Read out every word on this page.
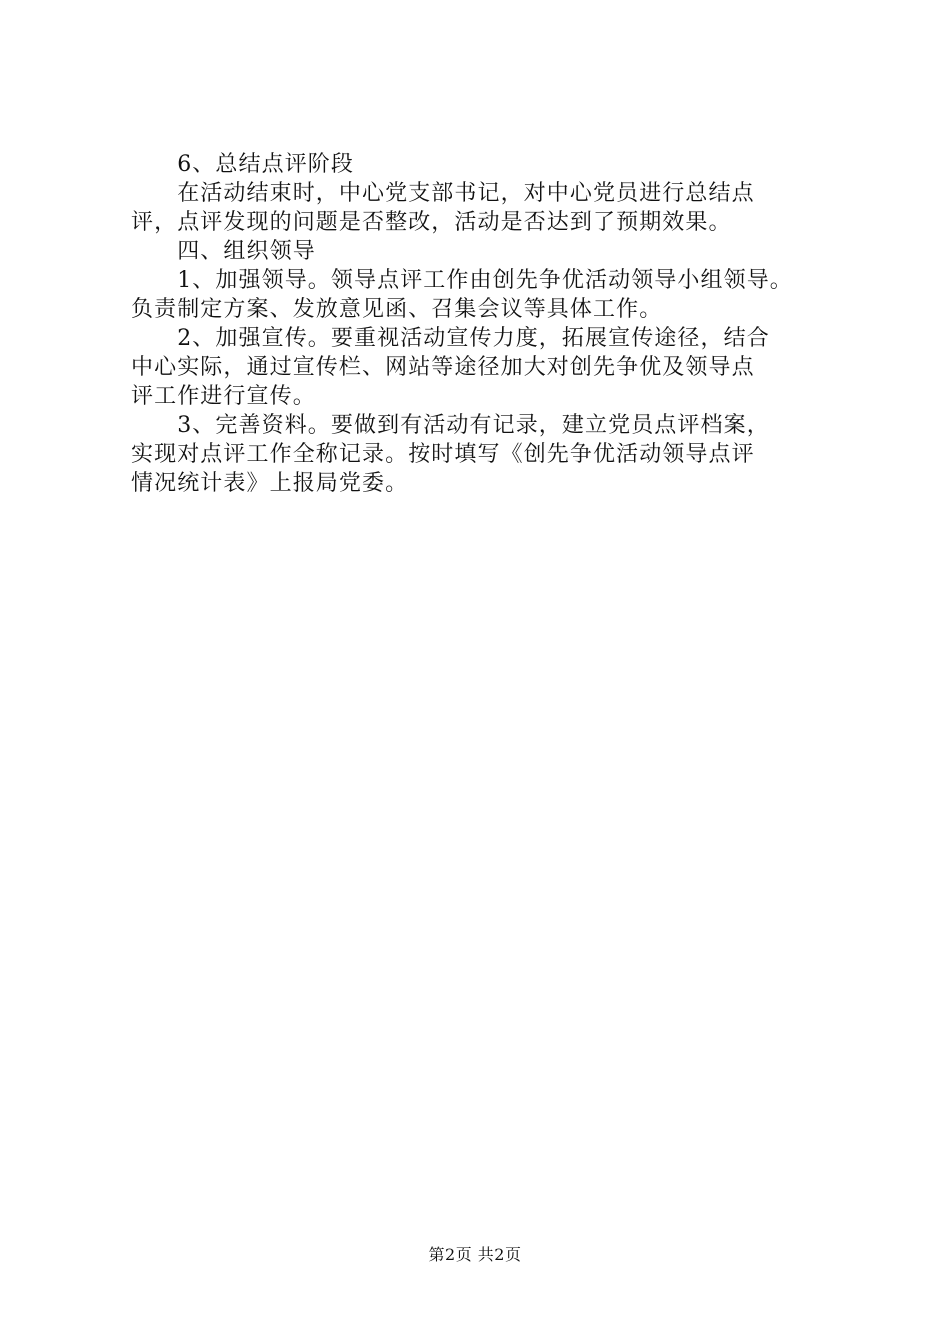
　　6、总结点评阶段
　　在活动结束时，中心党支部书记，对中心党员进行总结点
评，点评发现的问题是否整改，活动是否达到了预期效果。
　　四、组织领导
　　1、加强领导。领导点评工作由创先争优活动领导小组领导。
负责制定方案、发放意见函、召集会议等具体工作。
　　2、加强宣传。要重视活动宣传力度，拓展宣传途径，结合
中心实际，通过宣传栏、网站等途径加大对创先争优及领导点
评工作进行宣传。
　　3、完善资料。要做到有活动有记录，建立党员点评档案，
实现对点评工作全称记录。按时填写《创先争优活动领导点评
情况统计表》上报局党委。
第2页 共2页
